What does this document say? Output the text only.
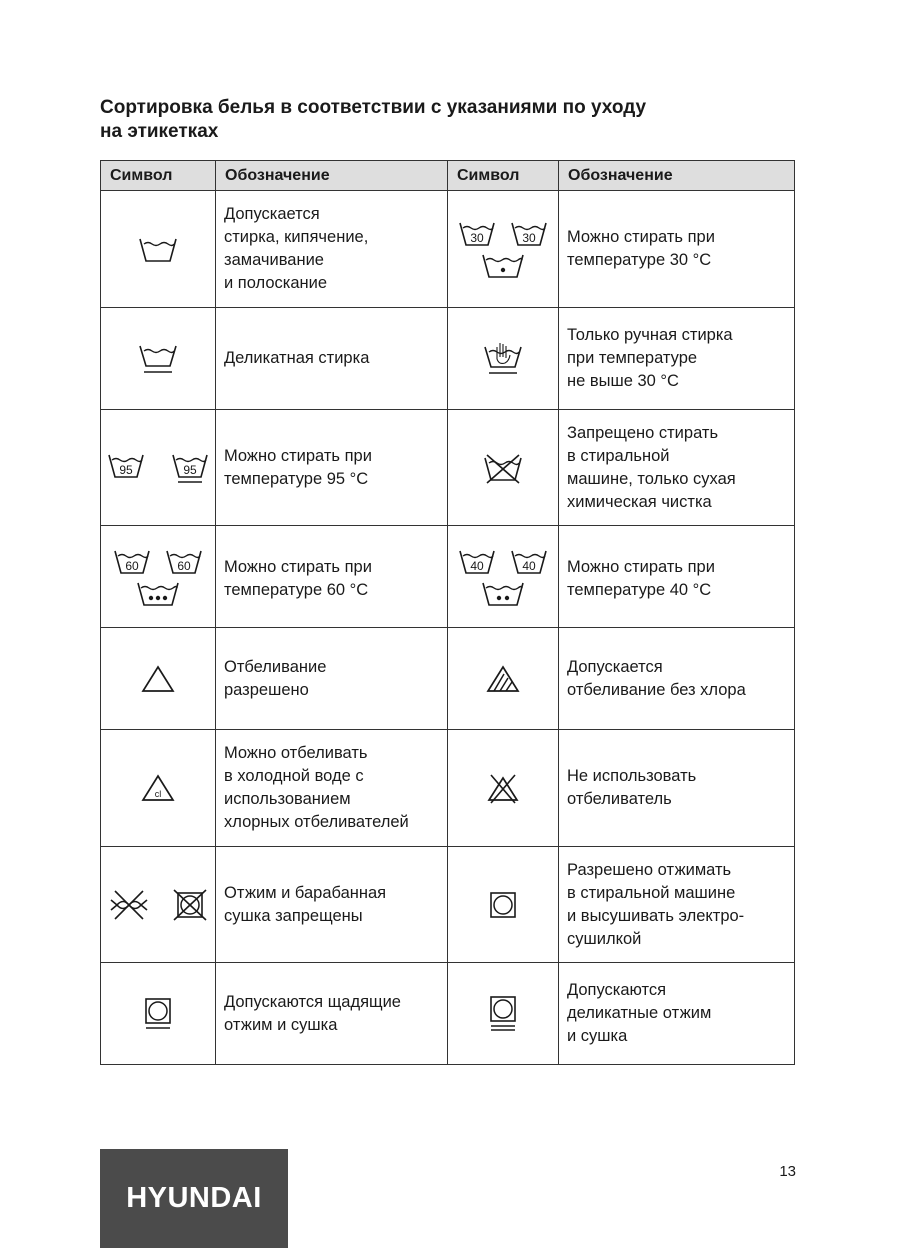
Сортировка белья в соответствии с указаниями по уходу
на этикетках
Символ	Обозначение	Символ	Обозначение

	Допускается
стирка, кипячение,
замачивание
и полоскание	30 30	Можно стирать при
температуре 30 °C

	Деликатная стирка		Только ручная стирка
при температуре
не выше 30 °C

95 95	Можно стирать при
температуре 95 °C		Запрещено стирать
в стиральной
машине, только сухая
химическая чистка

60 60	Можно стирать при
температуре 60 °C	40 40	Можно стирать при
температуре 40 °C

	Отбеливание
разрешено		Допускается
отбеливание без хлора

cl	Можно отбеливать
в холодной воде с
использованием
хлорных отбеливателей		Не использовать
отбеливатель

	Отжим и барабанная
сушка запрещены		Разрешено отжимать
в стиральной машине
и высушивать электро-
сушилкой

	Допускаются щадящие
отжим и сушка		Допускаются
деликатные отжим
и сушка
HYUNDAI
13
